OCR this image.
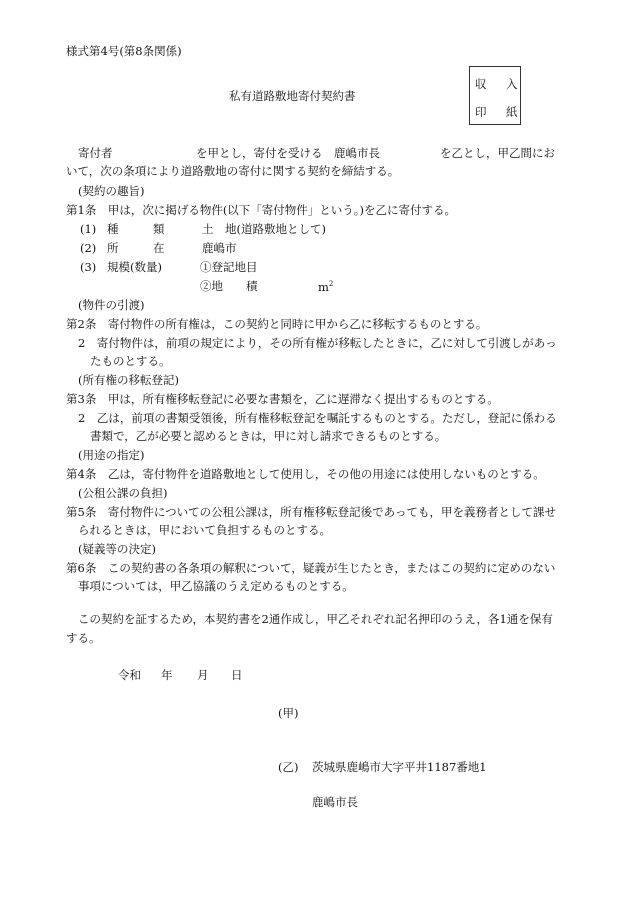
様式第4号(第8条関係)
私有道路敷地寄付契約書
収 入
印 紙
寄付者	を甲とし，寄付を受ける 鹿嶋市長	を乙とし，甲乙間にお
いて，次の条項により道路敷地の寄付に関する契約を締結する。
(契約の趣旨)
第1条　甲は，次に掲げる物件(以下「寄付物件」という。)を乙に寄付する。
(1) 種　　　類	土　地(道路敷地として)
(2) 所　　　在	鹿嶋市
(3) 規模(数量)	①登記地目
②地　　積	$m^2$
(物件の引渡)
第2条　寄付物件の所有権は，この契約と同時に甲から乙に移転するものとする。
2　寄付物件は，前項の規定により，その所有権が移転したときに，乙に対して引渡しがあっ
たものとする。
(所有権の移転登記)
第3条　甲は，所有権移転登記に必要な書類を，乙に遅滞なく提出するものとする。
2　乙は，前項の書類受領後，所有権移転登記を嘱託するものとする。ただし，登記に係わる
書類で，乙が必要と認めるときは，甲に対し請求できるものとする。
(用途の指定)
第4条　乙は，寄付物件を道路敷地として使用し，その他の用途には使用しないものとする。
(公租公課の負担)
第5条　寄付物件についての公租公課は，所有権移転登記後であっても，甲を義務者として課せ
られるときは，甲において負担するものとする。
(疑義等の決定)
第6条　この契約書の各条項の解釈について，疑義が生じたとき，またはこの契約に定めのない
事項については，甲乙協議のうえ定めるものとする。
この契約を証するため，本契約書を2通作成し，甲乙それぞれ記名押印のうえ，各1通を保有
する。
令和 年 月 日
(甲)
(乙) 茨城県鹿嶋市大字平井1187番地1
鹿嶋市長
